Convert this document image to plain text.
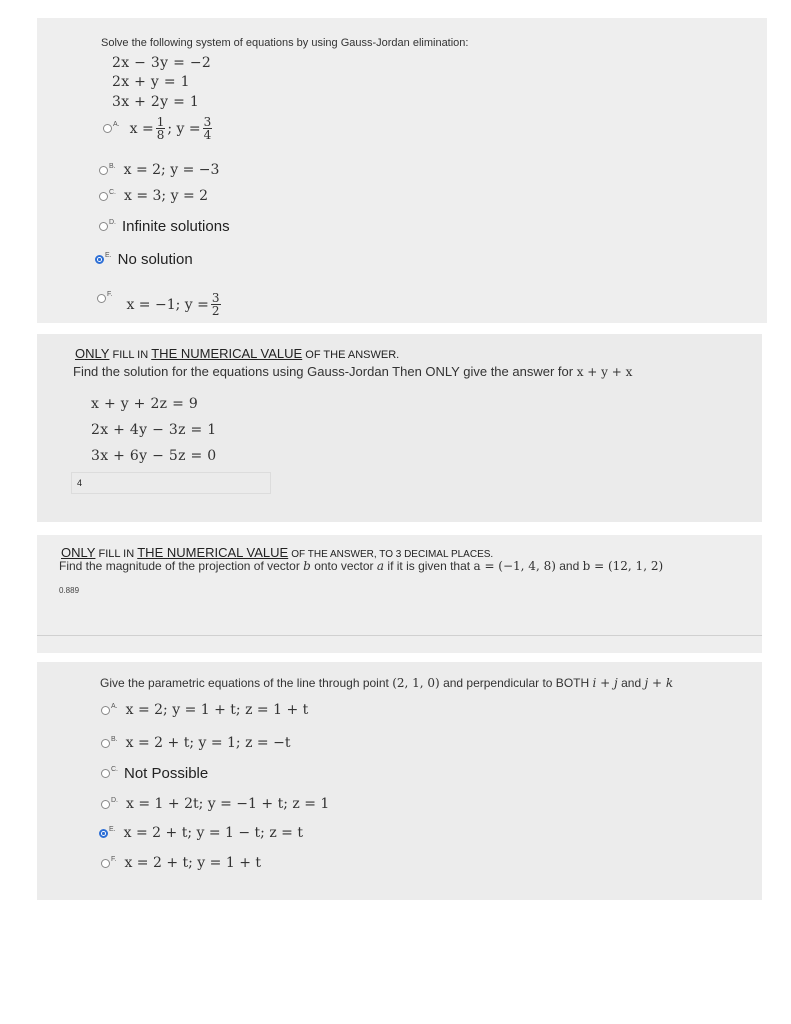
Solve the following system of equations by using Gauss-Jordan elimination:
2x − 3y = −2
2x + y = 1
3x + 2y = 1
A. $x = \frac{1}{8}$ ; $y = \frac{3}{4}$
B. x = 2; y = −3
C. x = 3; y = 2
D. Infinite solutions
E. No solution
F.
x = −1; $y = \frac{3}{2}$
ONLY FILL IN THE NUMERICAL VALUE OF THE ANSWER.
Find the solution for the equations using Gauss-Jordan Then ONLY give the answer for x + y + x
x + y + 2z = 9
2x + 4y − 3z = 1
3x + 6y − 5z = 0
4
ONLY FILL IN THE NUMERICAL VALUE OF THE ANSWER, TO 3 DECIMAL PLACES.
Find the magnitude of the projection of vector b onto vector a if it is given that a = (−1, 4, 8) and b = (12, 1, 2)
0.889
Give the parametric equations of the line through point (2, 1, 0) and perpendicular to BOTH i + j and j + k
A. x = 2; y = 1 + t; z = 1 + t
B. x = 2 + t; y = 1; z = −t
C. Not Possible
D. x = 1 + 2t; y = −1 + t; z = 1
E. x = 2 + t; y = 1 − t; z = t
F. x = 2 + t; y = 1 + t
